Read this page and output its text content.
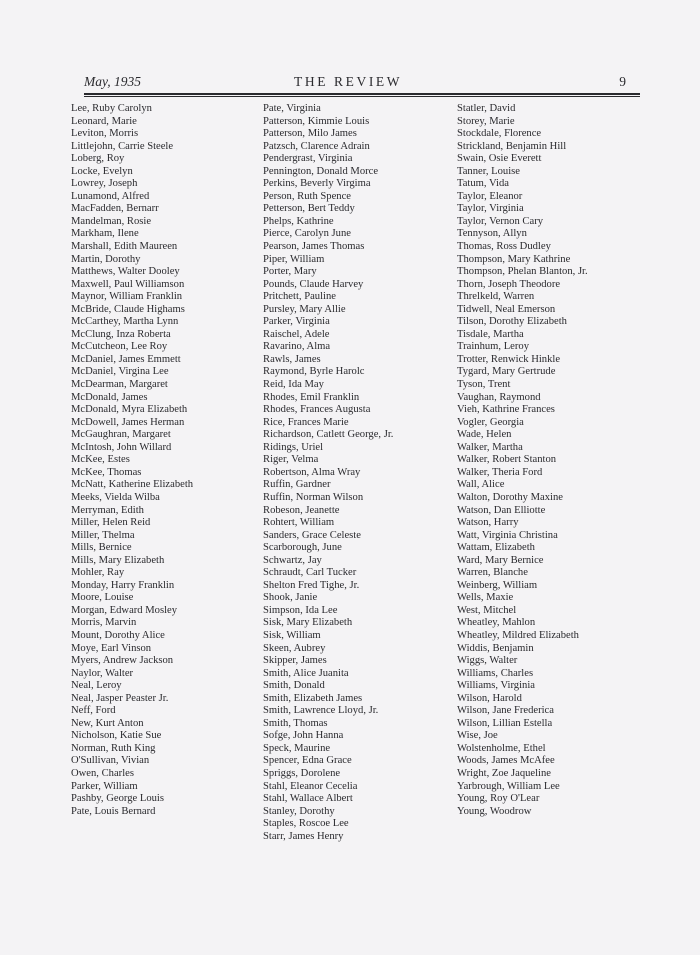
May, 1935	THE REVIEW	9
Lee, Ruby Carolyn
Leonard, Marie
Leviton, Morris
Littlejohn, Carrie Steele
Loberg, Roy
Locke, Evelyn
Lowrey, Joseph
Lunamond, Alfred
MacFadden, Bernarr
Mandelman, Rosie
Markham, Ilene
Marshall, Edith Maureen
Martin, Dorothy
Matthews, Walter Dooley
Maxwell, Paul Williamson
Maynor, William Franklin
McBride, Claude Highams
McCarthey, Martha Lynn
McClung, Inza Roberta
McCutcheon, Lee Roy
McDaniel, James Emmett
McDaniel, Virgina Lee
McDearman, Margaret
McDonald, James
McDonald, Myra Elizabeth
McDowell, James Herman
McGaughran, Margaret
McIntosh, John Willard
McKee, Estes
McKee, Thomas
McNatt, Katherine Elizabeth
Meeks, Vielda Wilba
Merryman, Edith
Miller, Helen Reid
Miller, Thelma
Mills, Bernice
Mills, Mary Elizabeth
Mohler, Ray
Monday, Harry Franklin
Moore, Louise
Morgan, Edward Mosley
Morris, Marvin
Mount, Dorothy Alice
Moye, Earl Vinson
Myers, Andrew Jackson
Naylor, Walter
Neal, Leroy
Neal, Jasper Peaster Jr.
Neff, Ford
New, Kurt Anton
Nicholson, Katie Sue
Norman, Ruth King
O'Sullivan, Vivian
Owen, Charles
Parker, William
Pashby, George Louis
Pate, Louis Bernard
Pate, Virginia
Patterson, Kimmie Louis
Patterson, Milo James
Patzsch, Clarence Adrain
Pendergrast, Virginia
Pennington, Donald Morce
Perkins, Beverly Virgima
Person, Ruth Spence
Petterson, Bert Teddy
Phelps, Kathrine
Pierce, Carolyn June
Pearson, James Thomas
Piper, William
Porter, Mary
Pounds, Claude Harvey
Pritchett, Pauline
Pursley, Mary Allie
Parker, Virginia
Raischel, Adele
Ravarino, Alma
Rawls, James
Raymond, Byrle Harolc
Reid, Ida May
Rhodes, Emil Franklin
Rhodes, Frances Augusta
Rice, Frances Marie
Richardson, Catlett George, Jr.
Ridings, Uriel
Riger, Velma
Robertson, Alma Wray
Ruffin, Gardner
Ruffin, Norman Wilson
Robeson, Jeanette
Rohtert, William
Sanders, Grace Celeste
Scarborough, June
Schwartz, Jay
Schraudt, Carl Tucker
Shelton Fred Tighe, Jr.
Shook, Janie
Simpson, Ida Lee
Sisk, Mary Elizabeth
Sisk, William
Skeen, Aubrey
Skipper, James
Smith, Alice Juanita
Smith, Donald
Smith, Elizabeth James
Smith, Lawrence Lloyd, Jr.
Smith, Thomas
Sofge, John Hanna
Speck, Maurine
Spencer, Edna Grace
Spriggs, Dorolene
Stahl, Eleanor Cecelia
Stahl, Wallace Albert
Stanley, Dorothy
Staples, Roscoe Lee
Starr, James Henry
Statler, David
Storey, Marie
Stockdale, Florence
Strickland, Benjamin Hill
Swain, Osie Everett
Tanner, Louise
Tatum, Vida
Taylor, Eleanor
Taylor, Virginia
Taylor, Vernon Cary
Tennyson, Allyn
Thomas, Ross Dudley
Thompson, Mary Kathrine
Thompson, Phelan Blanton, Jr.
Thorn, Joseph Theodore
Threlkeld, Warren
Tidwell, Neal Emerson
Tilson, Dorothy Elizabeth
Tisdale, Martha
Trainhum, Leroy
Trotter, Renwick Hinkle
Tygard, Mary Gertrude
Tyson, Trent
Vaughan, Raymond
Vieh, Kathrine Frances
Vogler, Georgia
Wade, Helen
Walker, Martha
Walker, Robert Stanton
Walker, Theria Ford
Wall, Alice
Walton, Dorothy Maxine
Watson, Dan Elliotte
Watson, Harry
Watt, Virginia Christina
Wattam, Elizabeth
Ward, Mary Bernice
Warren, Blanche
Weinberg, William
Wells, Maxie
West, Mitchel
Wheatley, Mahlon
Wheatley, Mildred Elizabeth
Widdis, Benjamin
Wiggs, Walter
Williams, Charles
Williams, Virginia
Wilson, Harold
Wilson, Jane Frederica
Wilson, Lillian Estella
Wise, Joe
Wolstenholme, Ethel
Woods, James McAfee
Wright, Zoe Jaqueline
Yarbrough, William Lee
Young, Roy O'Lear
Young, Woodrow
